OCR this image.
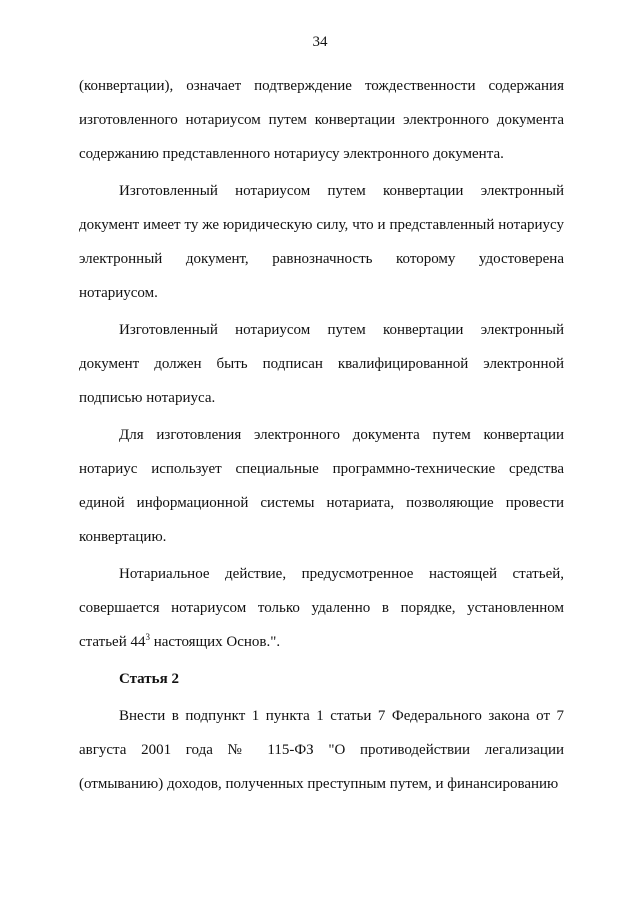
34

(конвертации), означает подтверждение тождественности содержания изготовленного нотариусом путем конвертации электронного документа содержанию представленного нотариусу электронного документа.

Изготовленный нотариусом путем конвертации электронный документ имеет ту же юридическую силу, что и представленный нотариусу электронный документ, равнозначность которому удостоверена нотариусом.

Изготовленный нотариусом путем конвертации электронный документ должен быть подписан квалифицированной электронной подписью нотариуса.

Для изготовления электронного документа путем конвертации нотариус использует специальные программно-технические средства единой информационной системы нотариата, позволяющие провести конвертацию.

Нотариальное действие, предусмотренное настоящей статьей, совершается нотариусом только удаленно в порядке, установленном статьей $44^3$ настоящих Основ.".

Статья 2

Внести в подпункт 1 пункта 1 статьи 7 Федерального закона от 7 августа 2001 года № 115-ФЗ "О противодействии легализации (отмыванию) доходов, полученных преступным путем, и финансированию
